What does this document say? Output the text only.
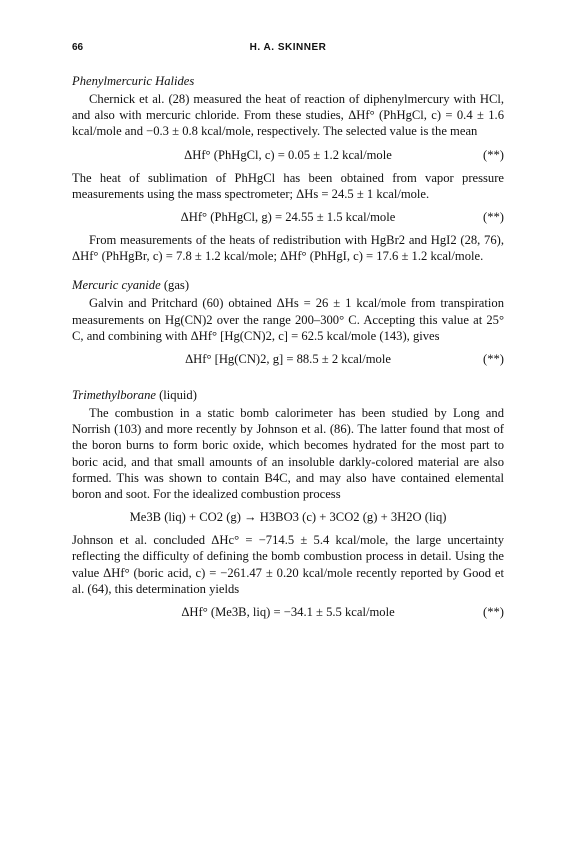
66	H. A. SKINNER
Phenylmercuric Halides

Chernick et al. (28) measured the heat of reaction of diphenylmercury with HCl, and also with mercuric chloride. From these studies, ΔHf° (PhHgCl, c) = 0.4 ± 1.6 kcal/mole and −0.3 ± 0.8 kcal/mole, respectively. The selected value is the mean

ΔHf° (PhHgCl, c) = 0.05 ± 1.2 kcal/mole	(**)

The heat of sublimation of PhHgCl has been obtained from vapor pressure measurements using the mass spectrometer; ΔHs = 24.5 ± 1 kcal/mole.

ΔHf° (PhHgCl, g) = 24.55 ± 1.5 kcal/mole	(**)

From measurements of the heats of redistribution with HgBr2 and HgI2 (28, 76), ΔHf° (PhHgBr, c) = 7.8 ± 1.2 kcal/mole; ΔHf° (PhHgI, c) = 17.6 ± 1.2 kcal/mole.

Mercuric cyanide (gas)

Galvin and Pritchard (60) obtained ΔHs = 26 ± 1 kcal/mole from transpiration measurements on Hg(CN)2 over the range 200–300° C. Accepting this value at 25° C, and combining with ΔHf° [Hg(CN)2, c] = 62.5 kcal/mole (143), gives

ΔHf° [Hg(CN)2, g] = 88.5 ± 2 kcal/mole	(**)
Trimethylborane (liquid)

The combustion in a static bomb calorimeter has been studied by Long and Norrish (103) and more recently by Johnson et al. (86). The latter found that most of the boron burns to form boric oxide, which becomes hydrated for the most part to boric acid, and that small amounts of an insoluble darkly-colored material are also formed. This was shown to contain B4C, and may also have contained elemental boron and soot. For the idealized combustion process

Me3B (liq) + CO2 (g) → H3BO3 (c) + 3CO2 (g) + 3H2O (liq)

Johnson et al. concluded ΔHc° = −714.5 ± 5.4 kcal/mole, the large uncertainty reflecting the difficulty of defining the bomb combustion process in detail. Using the value ΔHf° (boric acid, c) = −261.47 ± 0.20 kcal/mole recently reported by Good et al. (64), this determination yields

ΔHf° (Me3B, liq) = −34.1 ± 5.5 kcal/mole	(**)
